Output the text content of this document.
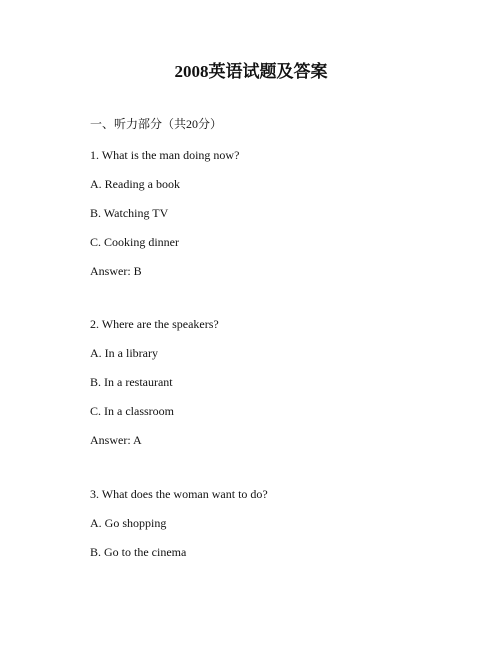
2008英语试题及答案

一、听力部分（共20分）

1. What is the man doing now?

A. Reading a book

B. Watching TV

C. Cooking dinner

Answer: B

2. Where are the speakers?

A. In a library

B. In a restaurant

C. In a classroom

Answer: A

3. What does the woman want to do?

A. Go shopping

B. Go to the cinema
